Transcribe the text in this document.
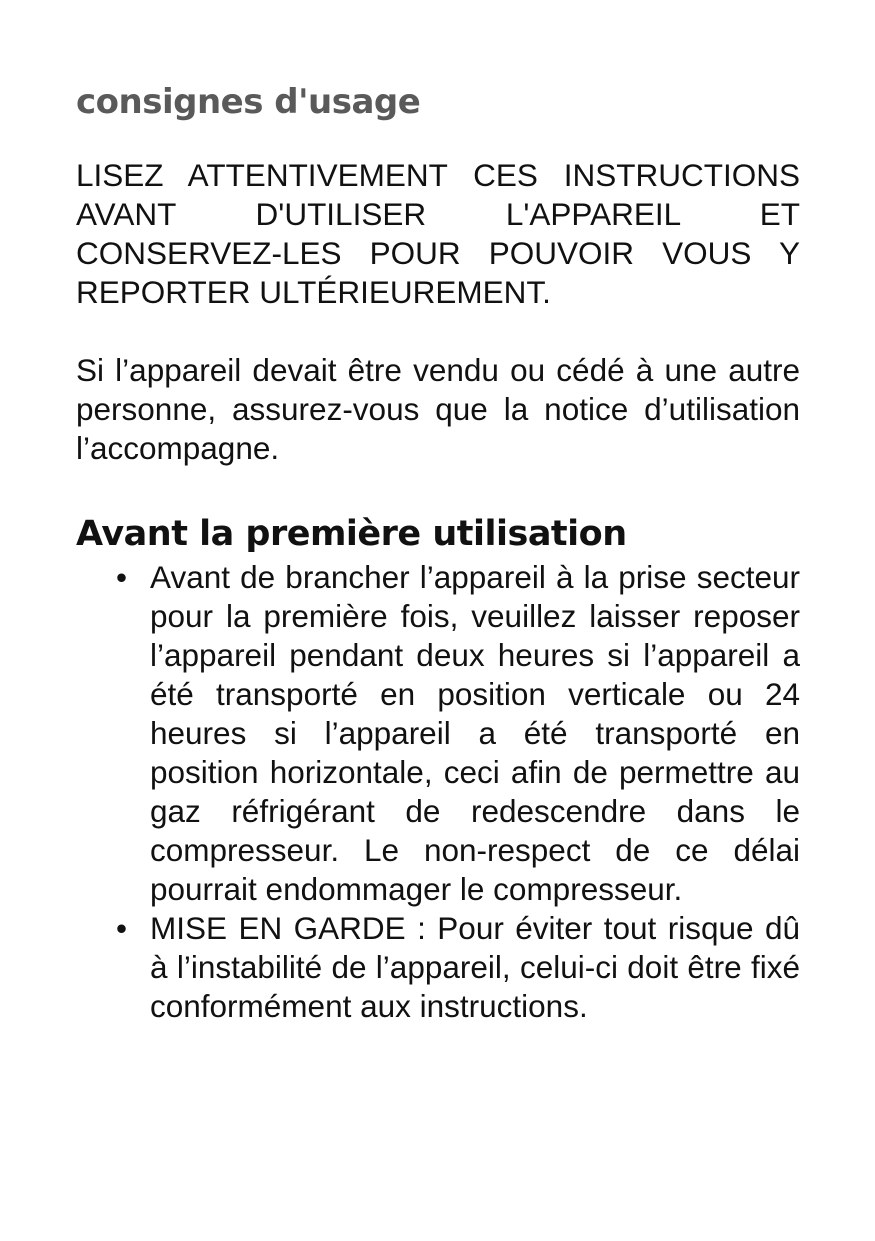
consignes d'usage

LISEZ ATTENTIVEMENT CES INSTRUCTIONS AVANT D'UTILISER L'APPAREIL ET CONSERVEZ-LES POUR POUVOIR VOUS Y REPORTER ULTÉRIEUREMENT.

Si l’appareil devait être vendu ou cédé à une autre personne, assurez-vous que la notice d’utilisation l’accompagne.

Avant la première utilisation
• Avant de brancher l’appareil à la prise secteur pour la première fois, veuillez laisser reposer l’appareil pendant deux heures si l’appareil a été transporté en position verticale ou 24 heures si l’appareil a été transporté en position horizontale, ceci afin de permettre au gaz réfrigérant de redescendre dans le compresseur. Le non-respect de ce délai pourrait endommager le compresseur.
• MISE EN GARDE : Pour éviter tout risque dû à l’instabilité de l’appareil, celui-ci doit être fixé conformément aux instructions.
